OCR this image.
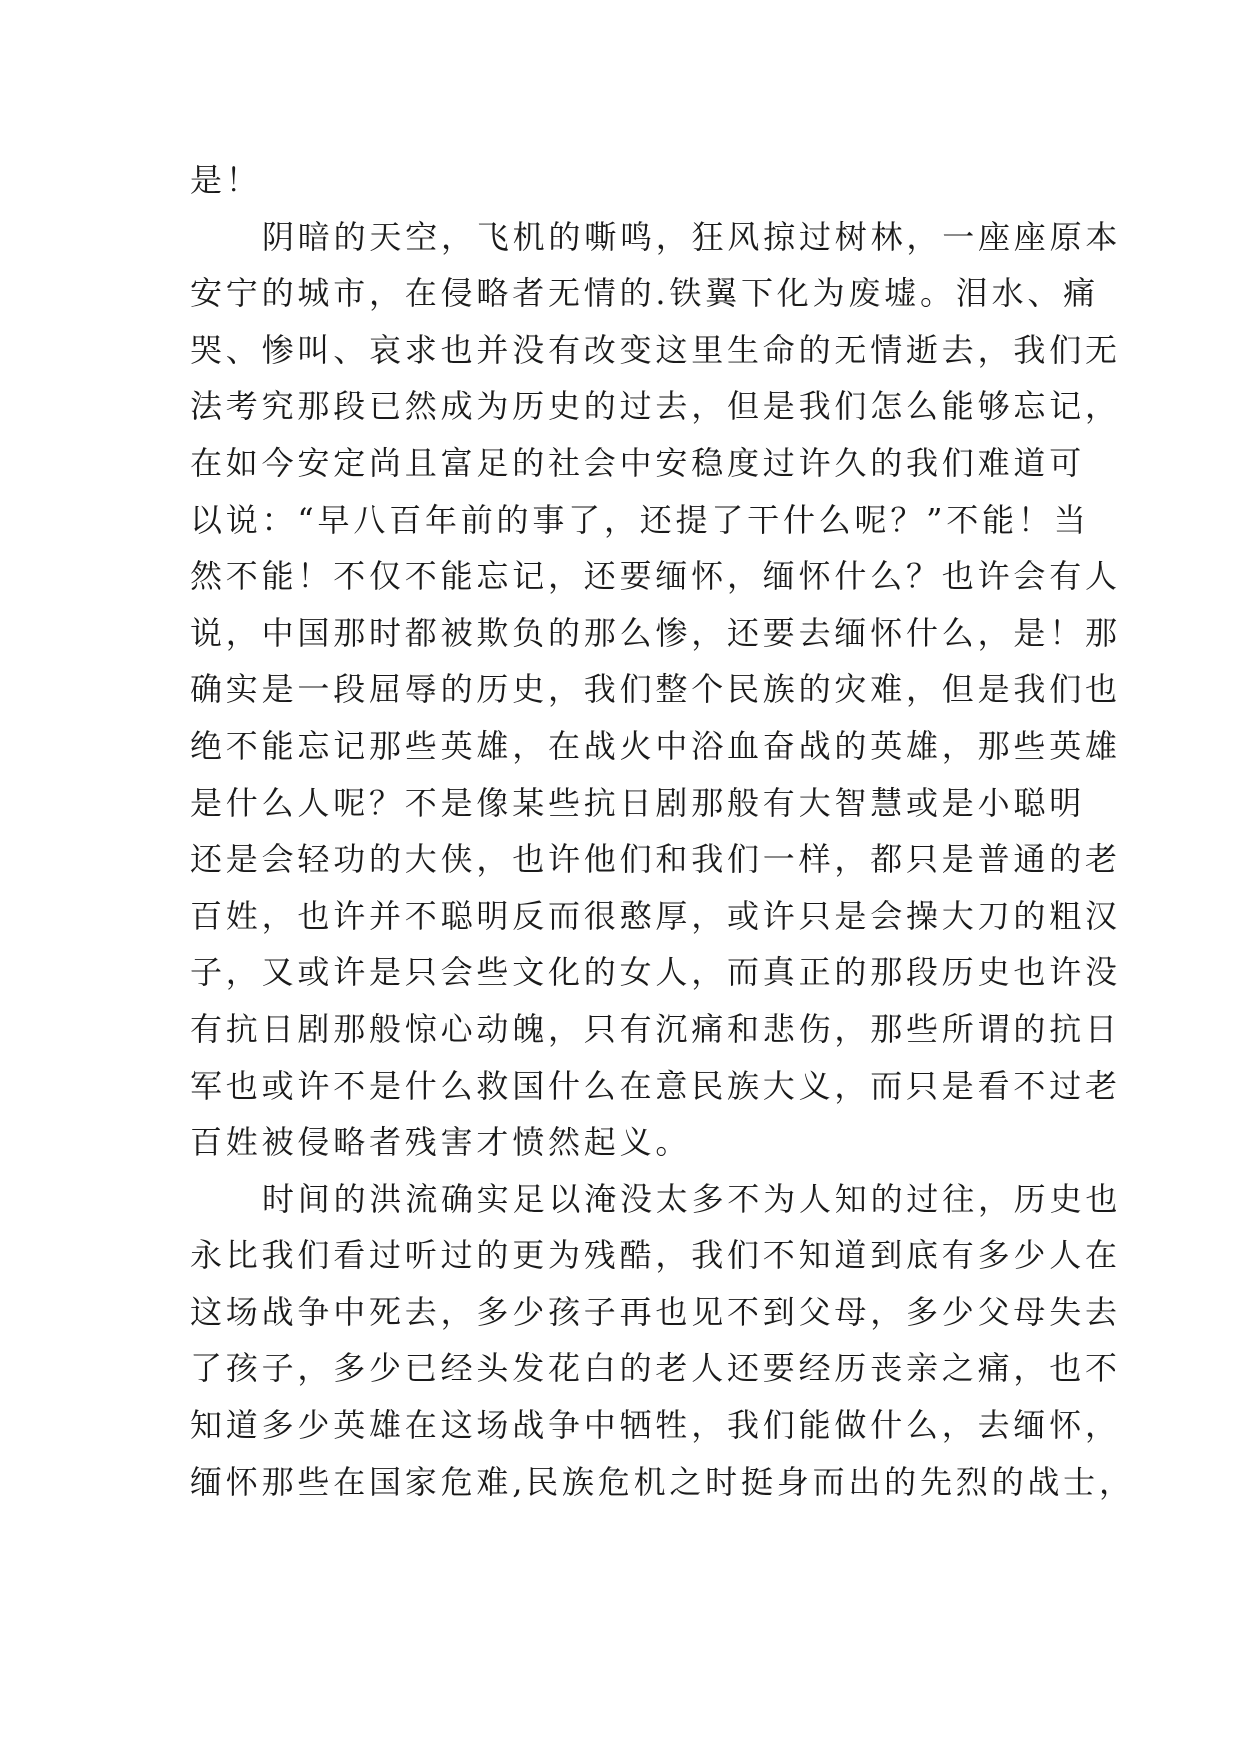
是！
阴暗的天空，飞机的嘶鸣，狂风掠过树林，一座座原本
安宁的城市，在侵略者无情的.铁翼下化为废墟。泪水、痛
哭、惨叫、哀求也并没有改变这里生命的无情逝去，我们无
法考究那段已然成为历史的过去，但是我们怎么能够忘记，
在如今安定尚且富足的社会中安稳度过许久的我们难道可
以说：“早八百年前的事了，还提了干什么呢？”不能！当
然不能！不仅不能忘记，还要缅怀，缅怀什么？也许会有人
说，中国那时都被欺负的那么惨，还要去缅怀什么，是！那
确实是一段屈辱的历史，我们整个民族的灾难，但是我们也
绝不能忘记那些英雄，在战火中浴血奋战的英雄，那些英雄
是什么人呢？不是像某些抗日剧那般有大智慧或是小聪明
还是会轻功的大侠，也许他们和我们一样，都只是普通的老
百姓，也许并不聪明反而很憨厚，或许只是会操大刀的粗汉
子，又或许是只会些文化的女人，而真正的那段历史也许没
有抗日剧那般惊心动魄，只有沉痛和悲伤，那些所谓的抗日
军也或许不是什么救国什么在意民族大义，而只是看不过老
百姓被侵略者残害才愤然起义。
时间的洪流确实足以淹没太多不为人知的过往，历史也
永比我们看过听过的更为残酷，我们不知道到底有多少人在
这场战争中死去，多少孩子再也见不到父母，多少父母失去
了孩子，多少已经头发花白的老人还要经历丧亲之痛，也不
知道多少英雄在这场战争中牺牲，我们能做什么，去缅怀，
缅怀那些在国家危难,民族危机之时挺身而出的先烈的战士，
